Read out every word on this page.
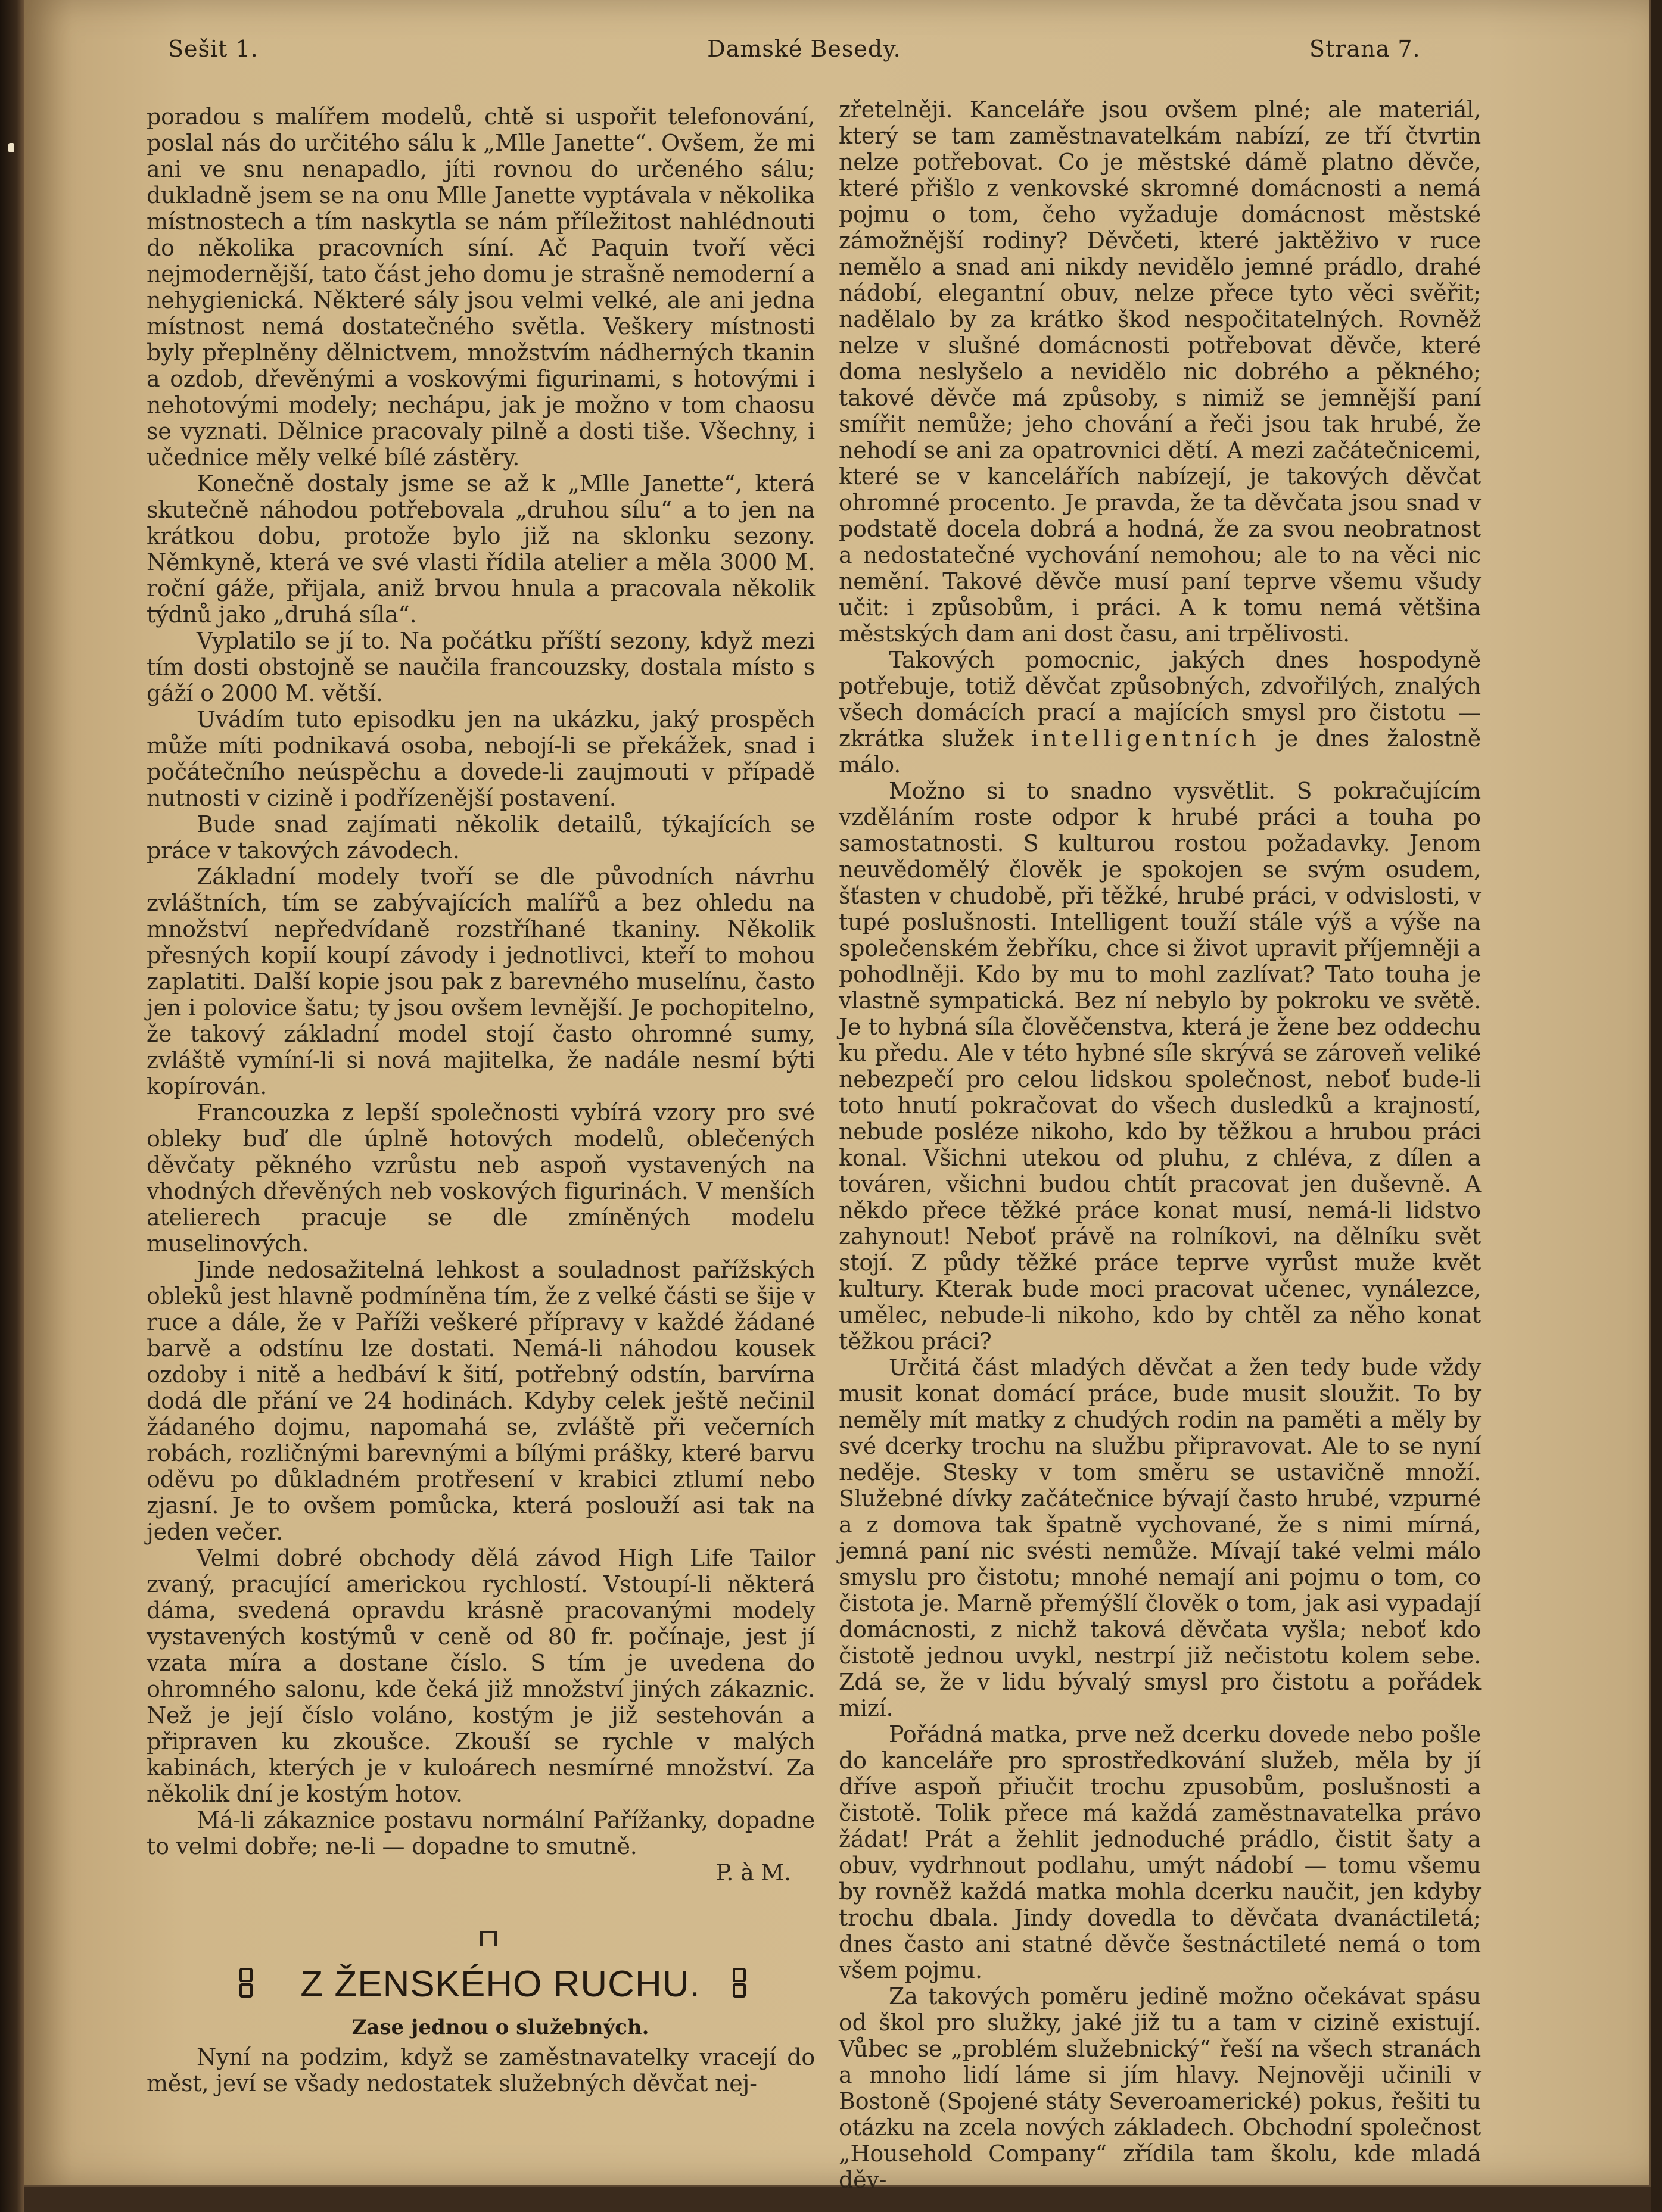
Sešit 1.	Damské Besedy.	Strana 7.

poradou s malířem modelů, chtě si uspořit telefonování, poslal nás do určitého sálu k „Mlle Janette“. Ovšem, že mi ani ve snu nenapadlo, jíti rovnou do určeného sálu; dukladně jsem se na onu Mlle Janette vyptávala v několika místnostech a tím naskytla se nám příležitost nahlédnouti do několika pracovních síní. Ač Paquin tvoří věci nejmodernější, tato část jeho domu je strašně nemoderní a nehygienická. Některé sály jsou velmi velké, ale ani jedna místnost nemá dostatečného světla. Veškery místnosti byly přeplněny dělnictvem, množstvím nádherných tkanin a ozdob, dřevěnými a voskovými figurinami, s hotovými i nehotovými modely; nechápu, jak je možno v tom chaosu se vyznati. Dělnice pracovaly pilně a dosti tiše. Všechny, i učednice měly velké bílé zástěry.

Konečně dostaly jsme se až k „Mlle Janette“, která skutečně náhodou potřebovala „druhou sílu“ a to jen na krátkou dobu, protože bylo již na sklonku sezony. Němkyně, která ve své vlasti řídila atelier a měla 3000 M. roční gáže, přijala, aniž brvou hnula a pracovala několik týdnů jako „druhá síla“.

Vyplatilo se jí to. Na počátku příští sezony, když mezi tím dosti obstojně se naučila francouzsky, dostala místo s gáží o 2000 M. větší.

Uvádím tuto episodku jen na ukázku, jaký prospěch může míti podnikavá osoba, nebojí-li se překážek, snad i počátečního neúspěchu a dovede-li zaujmouti v případě nutnosti v cizině i podřízenější postavení.

Bude snad zajímati několik detailů, týkajících se práce v takových závodech.

Základní modely tvoří se dle původních návrhu zvláštních, tím se zabývajících malířů a bez ohledu na množství nepředvídaně rozstříhané tkaniny. Několik přesných kopií koupí závody i jednotlivci, kteří to mohou zaplatiti. Další kopie jsou pak z barevného muselínu, často jen i polovice šatu; ty jsou ovšem levnější. Je pochopitelno, že takový základní model stojí často ohromné sumy, zvláště vymíní-li si nová majitelka, že nadále nesmí býti kopírován.

Francouzka z lepší společnosti vybírá vzory pro své obleky buď dle úplně hotových modelů, oblečených děvčaty pěkného vzrůstu neb aspoň vystavených na vhodných dřevěných neb voskových figurinách. V menších atelierech pracuje se dle zmíněných modelu muselinových.

Jinde nedosažitelná lehkost a souladnost pařížských obleků jest hlavně podmíněna tím, že z velké části se šije v ruce a dále, že v Paříži veškeré přípravy v každé žádané barvě a odstínu lze dostati. Nemá-li náhodou kousek ozdoby i nitě a hedbáví k šití, potřebný odstín, barvírna dodá dle přání ve 24 hodinách. Kdyby celek ještě nečinil žádaného dojmu, napomahá se, zvláště při večerních robách, rozličnými barevnými a bílými prášky, které barvu oděvu po důkladném protřesení v krabici ztlumí nebo zjasní. Je to ovšem pomůcka, která poslouží asi tak na jeden večer.

Velmi dobré obchody dělá závod High Life Tailor zvaný, pracující americkou rychlostí. Vstoupí-li některá dáma, svedená opravdu krásně pracovanými modely vystavených kostýmů v ceně od 80 fr. počínaje, jest jí vzata míra a dostane číslo. S tím je uvedena do ohromného salonu, kde čeká již množství jiných zákaznic. Než je její číslo voláno, kostým je již sestehován a připraven ku zkoušce. Zkouší se rychle v malých kabinách, kterých je v kuloárech nesmírné množství. Za několik dní je kostým hotov.

Má-li zákaznice postavu normální Pařížanky, dopadne to velmi dobře; ne-li — dopadne to smutně.

P. à M.
Z ŽENSKÉHO RUCHU.
Zase jednou o služebných.

Nyní na podzim, když se zaměstnavatelky vracejí do měst, jeví se všady nedostatek služebných děvčat nej-

zřetelněji. Kanceláře jsou ovšem plné; ale materiál, který se tam zaměstnavatelkám nabízí, ze tří čtvrtin nelze potřebovat. Co je městské dámě platno děvče, které přišlo z venkovské skromné domácnosti a nemá pojmu o tom, čeho vyžaduje domácnost městské zámožnější rodiny? Děvčeti, které jaktěživo v ruce nemělo a snad ani nikdy nevidělo jemné prádlo, drahé nádobí, elegantní obuv, nelze přece tyto věci svěřit; nadělalo by za krátko škod nespočitatelných. Rovněž nelze v slušné domácnosti potřebovat děvče, které doma neslyšelo a nevidělo nic dobrého a pěkného; takové děvče má způsoby, s nimiž se jemnější paní smířit nemůže; jeho chování a řeči jsou tak hrubé, že nehodí se ani za opatrovnici dětí. A mezi začátečnicemi, které se v kancelářích nabízejí, je takových děvčat ohromné procento. Je pravda, že ta děvčata jsou snad v podstatě docela dobrá a hodná, že za svou neobratnost a nedostatečné vychování nemohou; ale to na věci nic nemění. Takové děvče musí paní teprve všemu všudy učit: i způsobům, i práci. A k tomu nemá většina městských dam ani dost času, ani trpělivosti.

Takových pomocnic, jakých dnes hospodyně potřebuje, totiž děvčat způsobných, zdvořilých, znalých všech domácích prací a majících smysl pro čistotu — zkrátka služek intelligentních je dnes žalostně málo.

Možno si to snadno vysvětlit. S pokračujícím vzděláním roste odpor k hrubé práci a touha po samostatnosti. S kulturou rostou požadavky. Jenom neuvědomělý člověk je spokojen se svým osudem, šťasten v chudobě, při těžké, hrubé práci, v odvislosti, v tupé poslušnosti. Intelligent touží stále výš a výše na společenském žebříku, chce si život upravit příjemněji a pohodlněji. Kdo by mu to mohl zazlívat? Tato touha je vlastně sympatická. Bez ní nebylo by pokroku ve světě. Je to hybná síla člověčenstva, která je žene bez oddechu ku předu. Ale v této hybné síle skrývá se zároveň veliké nebezpečí pro celou lidskou společnost, neboť bude-li toto hnutí pokračovat do všech dusledků a krajností, nebude posléze nikoho, kdo by těžkou a hrubou práci konal. Všichni utekou od pluhu, z chléva, z dílen a továren, všichni budou chtít pracovat jen duševně. A někdo přece těžké práce konat musí, nemá-li lidstvo zahynout! Neboť právě na rolníkovi, na dělníku svět stojí. Z půdy těžké práce teprve vyrůst muže květ kultury. Kterak bude moci pracovat učenec, vynálezce, umělec, nebude-li nikoho, kdo by chtěl za něho konat těžkou práci?

Určitá část mladých děvčat a žen tedy bude vždy musit konat domácí práce, bude musit sloužit. To by neměly mít matky z chudých rodin na paměti a měly by své dcerky trochu na službu připravovat. Ale to se nyní neděje. Stesky v tom směru se ustavičně množí. Služebné dívky začátečnice bývají často hrubé, vzpurné a z domova tak špatně vychované, že s nimi mírná, jemná paní nic svésti nemůže. Mívají také velmi málo smyslu pro čistotu; mnohé nemají ani pojmu o tom, co čistota je. Marně přemýšlí člověk o tom, jak asi vypadají domácnosti, z nichž taková děvčata vyšla; neboť kdo čistotě jednou uvykl, nestrpí již nečistotu kolem sebe. Zdá se, že v lidu bývalý smysl pro čistotu a pořádek mizí.

Pořádná matka, prve než dcerku dovede nebo pošle do kanceláře pro sprostředkování služeb, měla by jí dříve aspoň přiučit trochu zpusobům, poslušnosti a čistotě. Tolik přece má každá zaměstnavatelka právo žádat! Prát a žehlit jednoduché prádlo, čistit šaty a obuv, vydrhnout podlahu, umýt nádobí — tomu všemu by rovněž každá matka mohla dcerku naučit, jen kdyby trochu dbala. Jindy dovedla to děvčata dvanáctiletá; dnes často ani statné děvče šestnáctileté nemá o tom všem pojmu.

Za takových poměru jedině možno očekávat spásu od škol pro služky, jaké již tu a tam v cizině existují. Vůbec se „problém služebnický“ řeší na všech stranách a mnoho lidí láme si jím hlavy. Nejnověji učinili v Bostoně (Spojené státy Severoamerické) pokus, řešiti tu otázku na zcela nových základech. Obchodní společnost „Household Company“ zřídila tam školu, kde mladá děv-
